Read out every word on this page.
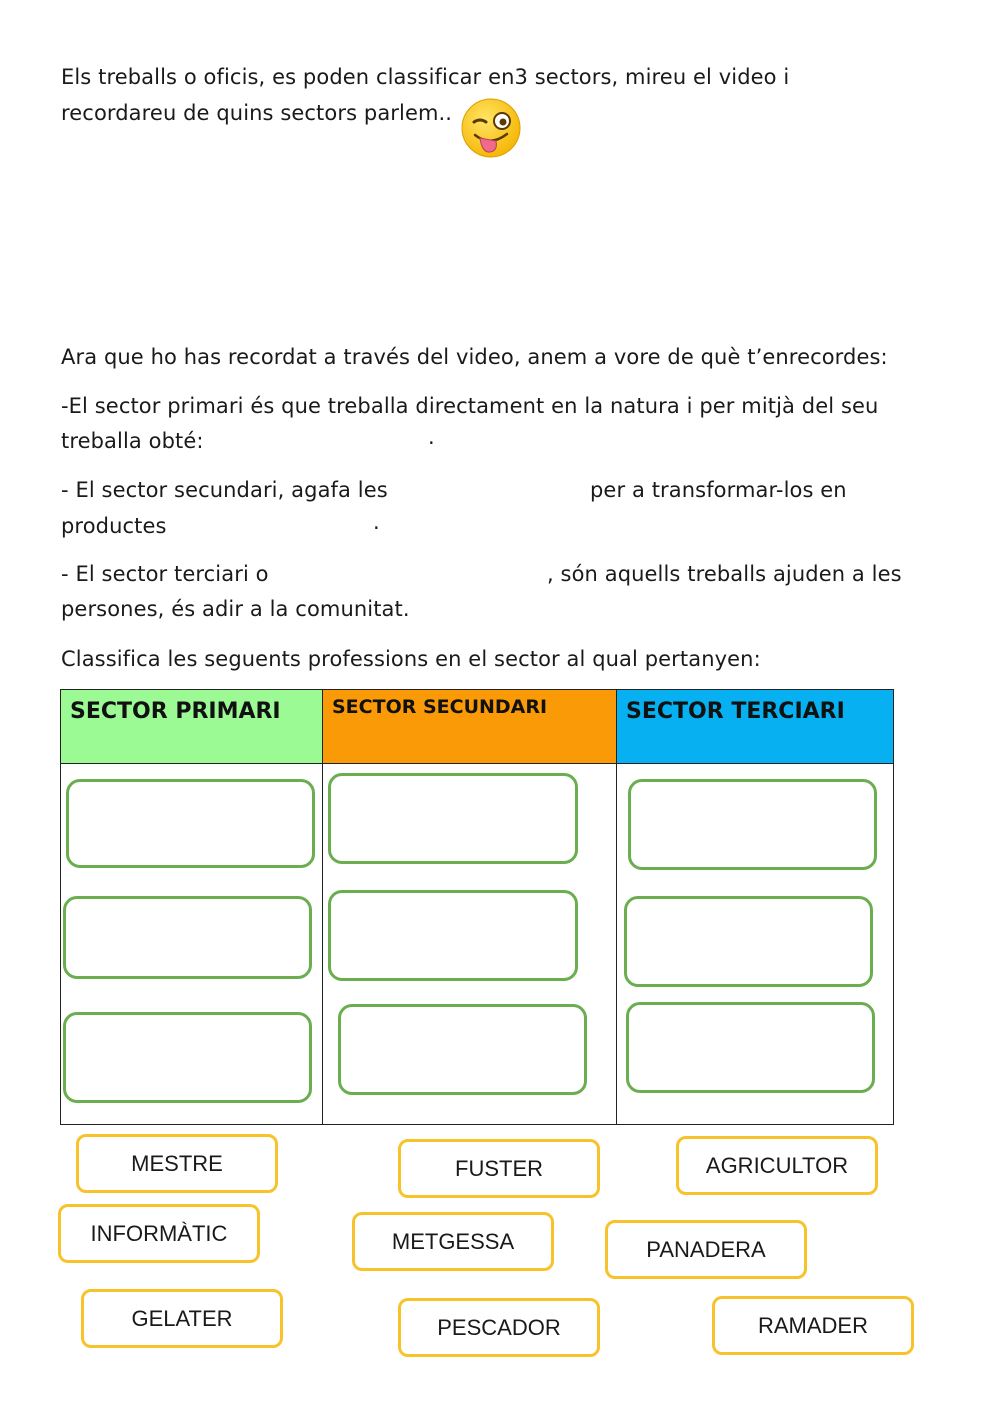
Els treballs o oficis, es poden classificar en3 sectors, mireu el video i
recordareu de quins sectors parlem..
Ara que ho has recordat a través del video, anem a vore de què t’enrecordes:
-El sector primari és que treballa directament en la natura i per mitjà del seu
treballa obté:	.
- El sector secundari, agafa les	per a transformar-los en
productes	.
- El sector terciari o	, són aquells treballs ajuden a les
persones, és adir a la comunitat.
Classifica les seguents professions en el sector al qual pertanyen:
SECTOR PRIMARI	SECTOR SECUNDARI	SECTOR TERCIARI
MESTRE	FUSTER	AGRICULTOR
INFORMÀTIC	METGESSA	PANADERA
GELATER	PESCADOR	RAMADER
